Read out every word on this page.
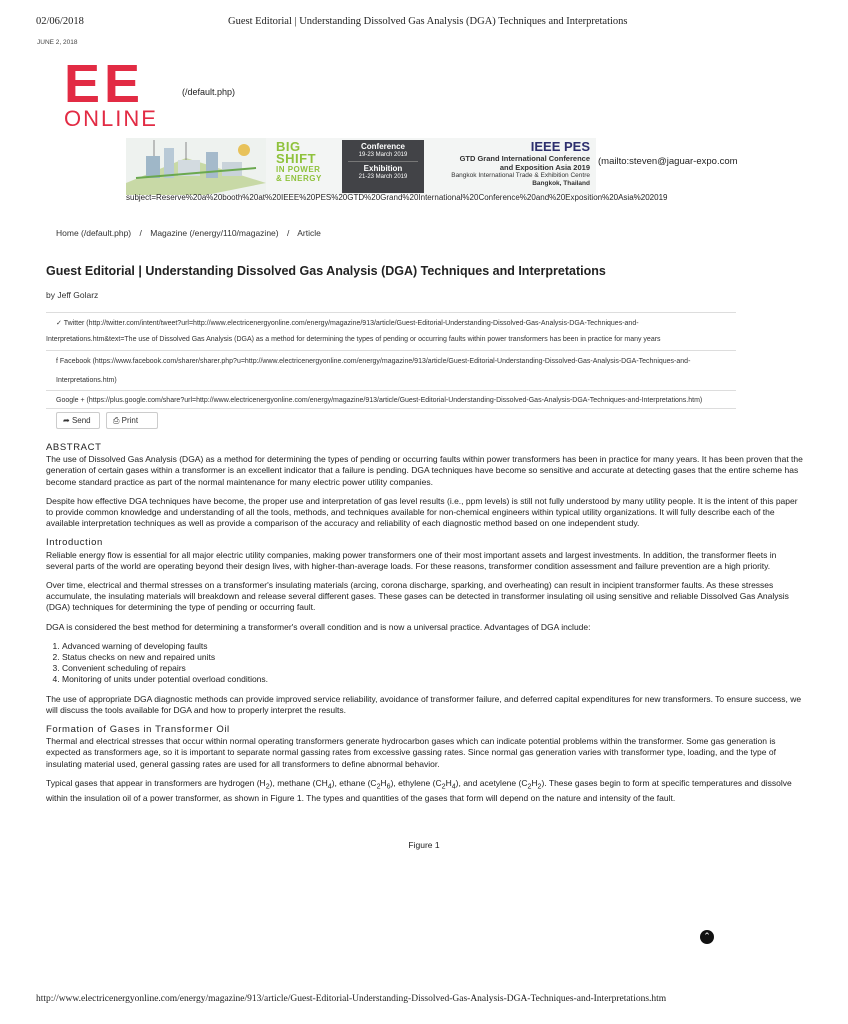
02/06/2018	Guest Editorial | Understanding Dissolved Gas Analysis (DGA) Techniques and Interpretations
JUNE 2, 2018
EE
ONLINE
(/default.php)
BIG
SHIFT
IN POWER
& ENERGY
Conference
19-23 March 2019
Exhibition
21-23 March 2019
IEEE PES
GTD Grand International Conference
and Exposition Asia 2019
Bangkok International Trade & Exhibition Centre
Bangkok, Thailand
(mailto:steven@jaguar-expo.com
subject=Reserve%20a%20booth%20at%20IEEE%20PES%20GTD%20Grand%20International%20Conference%20and%20Exposition%20Asia%202019
Home (/default.php) / Magazine (/energy/110/magazine) / Article
Guest Editorial | Understanding Dissolved Gas Analysis (DGA) Techniques and Interpretations
by Jeff Golarz
✓ Twitter (http://twitter.com/intent/tweet?url=http://www.electricenergyonline.com/energy/magazine/913/article/Guest-Editorial-Understanding-Dissolved-Gas-Analysis-DGA-Techniques-and-
Interpretations.htm&text=The use of Dissolved Gas Analysis (DGA) as a method for determining the types of pending or occurring faults within power transformers has been in practice for many years
f Facebook (https://www.facebook.com/sharer/sharer.php?u=http://www.electricenergyonline.com/energy/magazine/913/article/Guest-Editorial-Understanding-Dissolved-Gas-Analysis-DGA-Techniques-and-
Interpretations.htm)
Google + (https://plus.google.com/share?url=http://www.electricenergyonline.com/energy/magazine/913/article/Guest-Editorial-Understanding-Dissolved-Gas-Analysis-DGA-Techniques-and-Interpretations.htm)
➦ Send	⎙ Print
ABSTRACT

The use of Dissolved Gas Analysis (DGA) as a method for determining the types of pending or occurring faults within power transformers has been in practice for many years. It has been proven that the generation of certain gases within a transformer is an excellent indicator that a failure is pending. DGA techniques have become so sensitive and accurate at detecting gases that the entire scheme has become standard practice as part of the normal maintenance for many electric power utility companies.

Despite how effective DGA techniques have become, the proper use and interpretation of gas level results (i.e., ppm levels) is still not fully understood by many utility people. It is the intent of this paper to provide common knowledge and understanding of all the tools, methods, and techniques available for non-chemical engineers within typical utility organizations. It will fully describe each of the available interpretation techniques as well as provide a comparison of the accuracy and reliability of each diagnostic method based on one independent study.

Introduction

Reliable energy flow is essential for all major electric utility companies, making power transformers one of their most important assets and largest investments. In addition, the transformer fleets in several parts of the world are operating beyond their design lives, with higher-than-average loads. For these reasons, transformer condition assessment and failure prevention are a high priority.

Over time, electrical and thermal stresses on a transformer's insulating materials (arcing, corona discharge, sparking, and overheating) can result in incipient transformer faults. As these stresses accumulate, the insulating materials will breakdown and release several different gases. These gases can be detected in transformer insulating oil using sensitive and reliable Dissolved Gas Analysis (DGA) techniques for determining the type of pending or occurring fault.

DGA is considered the best method for determining a transformer's overall condition and is now a universal practice. Advantages of DGA include:

1. Advanced warning of developing faults
2. Status checks on new and repaired units
3. Convenient scheduling of repairs
4. Monitoring of units under potential overload conditions.

The use of appropriate DGA diagnostic methods can provide improved service reliability, avoidance of transformer failure, and deferred capital expenditures for new transformers. To ensure success, we will discuss the tools available for DGA and how to properly interpret the results.

Formation of Gases in Transformer Oil

Thermal and electrical stresses that occur within normal operating transformers generate hydrocarbon gases which can indicate potential problems within the transformer. Some gas generation is expected as transformers age, so it is important to separate normal gassing rates from excessive gassing rates. Since normal gas generation varies with transformer type, loading, and the type of insulating material used, general gassing rates are used for all transformers to define abnormal behavior.

Typical gases that appear in transformers are hydrogen $(H_2)$, methane $(CH_4)$, ethane $(C_2H_6)$, ethylene $(C_2H_4)$, and acetylene $(C_2H_2)$. These gases begin to form at specific temperatures and dissolve within the insulation oil of a power transformer, as shown in Figure 1. The types and quantities of the gases that form will depend on the nature and intensity of the fault.

Figure 1
⌃
http://www.electricenergyonline.com/energy/magazine/913/article/Guest-Editorial-Understanding-Dissolved-Gas-Analysis-DGA-Techniques-and-Interpretations.htm
